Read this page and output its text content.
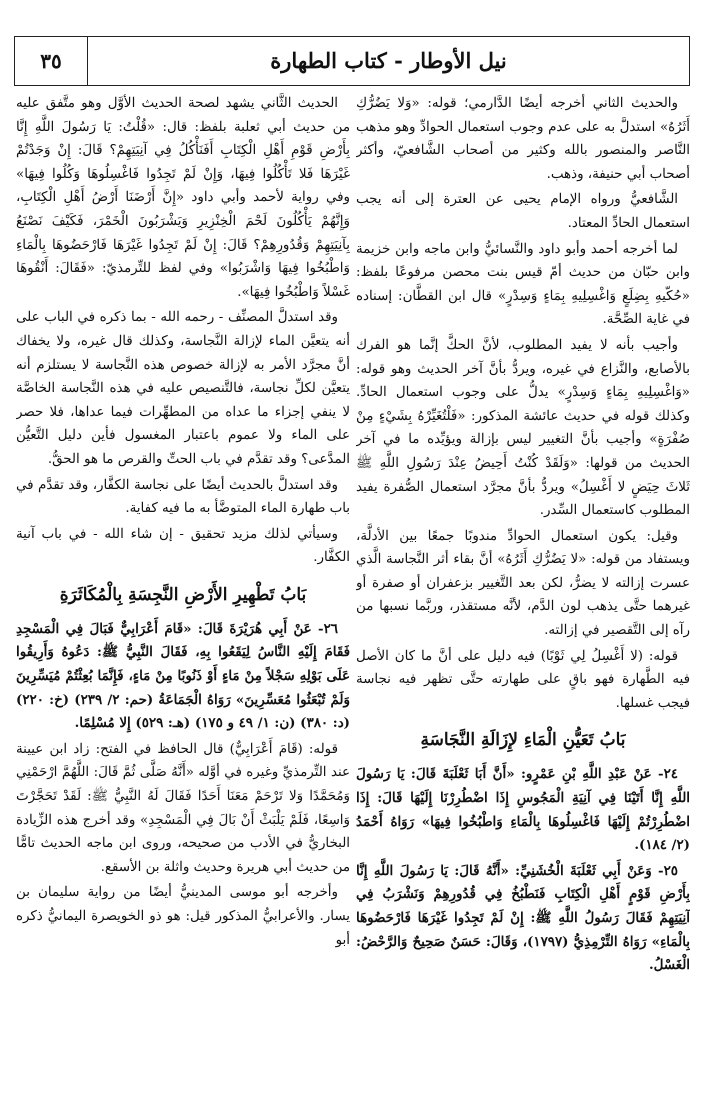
نيل الأوطار - كتاب الطهارة
٣٥

والحديث الثاني أخرجه أيضًا الدَّارمي؛ قوله: «وَلا يَضُرُّكِ أَثَرُهُ» استدلَّ به على عدم وجوب استعمال الحوادِّ وهو مذهب النَّاصر والمنصور بالله وكثير من أصحاب الشَّافعيّ، وأكثر أصحاب أبي حنيفة، وذهب.

الشَّافعيُّ ورواه الإمام يحيى عن العترة إلى أنه يجب استعمال الحادِّ المعتاد.

لما أخرجه أحمد وأبو داود والنَّسائيُّ وابن ماجه وابن خزيمة وابن حبّان من حديث أمّ قيس بنت محصن مرفوعًا بلفظ: «حُكّيهِ بِضِلَعٍ وَاغْسِلِيهِ بِمَاءٍ وَسِدْرٍ» قال ابن القطَّان: إسناده في غاية الصِّحَّة.

وأجيب بأنه لا يفيد المطلوب، لأنَّ الحكَّ إنَّما هو الفرك بالأصابع، والنَّزاع في غيره، ويردُّ بأنَّ آخر الحديث وهو قوله: «وَاغْسِلِيهِ بِمَاءٍ وَسِدْرٍ» يدلُّ على وجوب استعمال الحادِّ. وكذلك قوله في حديث عائشة المذكور: «فَلْتُغَيِّرْهُ بِشَيْءٍ مِنْ صُفْرَةٍ» وأجيب بأنَّ التغيير ليس بإزالة ويؤيِّده ما في آخر الحديث من قولها: «وَلَقَدْ كُنْتُ أَحِيضُ عِنْدَ رَسُولِ اللَّهِ ﷺ ثَلاثَ حِيَضٍ لا أَغْسِلُ» ويردُّ بأنَّ مجرَّد استعمال الصُّفرة يفيد المطلوب كاستعمال السِّدر.

وقيل: يكون استعمال الحوادِّ مندوبًا جمعًا بين الأدلَّة، ويستفاد من قوله: «لا يَضُرُّكِ أَثَرُهُ» أنَّ بقاء أثر النَّجاسة الَّذي عسرت إزالته لا يضرُّ، لكن بعد التَّغيير بزعفران أو صفرة أو غيرهما حتَّى يذهب لون الدَّم، لأنَّه مستقذر، وربَّما نسبها من رآه إلى التَّقصير في إزالته.

قوله: (لا أَغْسِلُ لِي ثَوْبًا) فيه دليل على أنَّ ما كان الأصل فيه الطَّهارة فهو باقٍ على طهارته حتَّى تظهر فيه نجاسة فيجب غسلها.

بَابُ تَعَيُّنِ الْمَاءِ لإِزَالَةِ النَّجَاسَةِ

٢٤- عَنْ عَبْدِ اللَّهِ بْنِ عَمْرٍو: «أَنَّ أَبَا ثَعْلَبَةَ قَالَ: يَا رَسُولَ اللَّهِ إِنَّا أَتَيْنَا فِي آنِيَةِ الْمَجُوسِ إِذَا اضْطُرِرْنَا إِلَيْهَا قَالَ: إِذَا اضْطُرِرْتُمْ إِلَيْهَا فَاغْسِلُوهَا بِالْمَاءِ وَاطْبُخُوا فِيهَا» رَوَاهُ أَحْمَدُ (٢/ ١٨٤).

٢٥- وَعَنْ أَبِي ثَعْلَبَةَ الْخُشَنِيِّ: «أَنَّهُ قَالَ: يَا رَسُولَ اللَّهِ إِنَّا بِأَرْضِ قَوْمٍ أَهْلِ الْكِتَابِ فَنَطْبُخُ فِي قُدُورِهِمْ وَنَشْرَبُ فِي آنِيَتِهِمْ فَقَالَ رَسُولُ اللَّهِ ﷺ: إِنْ لَمْ تَجِدُوا غَيْرَهَا فَارْحَضُوهَا بِالْمَاءِ» رَوَاهُ التِّرْمِذِيُّ (١٧٩٧)، وَقَالَ: حَسَنٌ صَحِيحٌ وَالرَّحْضُ: الْغَسْلُ.

الحديث الثَّاني يشهد لصحة الحديث الأوَّل وهو متَّفق عليه من حديث أبي ثعلبة بلفظ: قال: «قُلْتُ: يَا رَسُولَ اللَّهِ إِنَّا بِأَرْضِ قَوْمِ أَهْلِ الْكِتَابِ أَفَنَأْكُلُ فِي آنِيَتِهِمْ؟ قَالَ: إِنْ وَجَدْتُمْ غَيْرَهَا فَلا تَأْكُلُوا فِيهَا، وَإِنْ لَمْ تَجِدُوا فَاغْسِلُوهَا وَكُلُوا فِيهَا» وفي رواية لأحمد وأبي داود «إِنَّ أَرْضَنَا أَرْضُ أَهْلِ الْكِتَابِ، وَإِنَّهُمْ يَأْكُلُونَ لَحْمَ الْخِنْزِيرِ وَيَشْرَبُونَ الْخَمْرَ، فَكَيْفَ نَصْنَعُ بِآنِيَتِهِمْ وَقُدُورِهِمْ؟ قَالَ: إِنْ لَمْ تَجِدُوا غَيْرَهَا فَارْحَضُوهَا بِالْمَاءِ وَاطْبُخُوا فِيهَا وَاشْرَبُوا» وفي لفظ للتِّرمذيّ: «فَقَالَ: أَنْقُوهَا غَسْلاً وَاطْبُخُوا فِيهَا».

وقد استدلَّ المصنِّف - رحمه الله - بما ذكره في الباب على أنه يتعيَّن الماء لإزالة النَّجاسة، وكذلك قال غيره، ولا يخفاك أنَّ مجرَّد الأمر به لإزالة خصوص هذه النَّجاسة لا يستلزم أنه يتعيَّن لكلِّ نجاسة، فالتَّنصيص عليه في هذه النَّجاسة الخاصَّة لا ينفي إجزاء ما عداه من المطهِّرات فيما عداها، فلا حصر على الماء ولا عموم باعتبار المغسول فأين دليل التَّعيُّن المدَّعى؟ وقد تقدَّم في باب الحتِّ والقرص ما هو الحقُّ.

وقد استدلَّ بالحديث أيضًا على نجاسة الكفَّار، وقد تقدَّم في باب طهارة الماء المتوضَّأ به ما فيه كفاية.

وسيأتي لذلك مزيد تحقيق - إن شاء الله - في باب آنية الكفَّار.

بَابُ تَطْهِيرِ الأَرْضِ النَّجِسَةِ بِالْمُكَاثَرَةِ

٢٦- عَنْ أَبِي هُرَيْرَةَ قَالَ: «قَامَ أَعْرَابِيٌّ فَبَالَ فِي الْمَسْجِدِ فَقَامَ إِلَيْهِ النَّاسُ لِيَقَعُوا بِهِ، فَقَالَ النَّبِيُّ ﷺ: دَعُوهُ وَأَرِيقُوا عَلَى بَوْلِهِ سَجْلاً مِنْ مَاءٍ أَوْ ذَنُوبًا مِنْ مَاءٍ، فَإِنَّمَا بُعِثْتُمْ مُيَسِّرِينَ وَلَمْ تُبْعَثُوا مُعَسِّرِينَ» رَوَاهُ الْجَمَاعَةُ (حم: ٢/ ٢٣٩) (خ: ٢٢٠) (د: ٣٨٠) (ن: ١/ ٤٩ و ١٧٥) (هـ: ٥٢٩) إِلا مُسْلِمًا.

قوله: (قَامَ أَعْرَابِيٌّ) قال الحافظ في الفتح: زاد ابن عيينة عند التِّرمذيِّ وغيره في أوَّله «أَنَّهُ صَلَّى ثُمَّ قَالَ: اللَّهُمَّ ارْحَمْنِي وَمُحَمَّدًا وَلا تَرْحَمْ مَعَنَا أَحَدًا فَقَالَ لَهُ النَّبِيُّ ﷺ: لَقَدْ تَحَجَّرْتَ وَاسِعًا، فَلَمْ يَلْبَثْ أَنْ بَالَ فِي الْمَسْجِدِ» وقد أخرج هذه الزِّيادة البخاريُّ في الأدب من صحيحه، وروى ابن ماجه الحديث تامًّا من حديث أبي هريرة وحديث واثلة بن الأسقع.

وأخرجه أبو موسى المدينيُّ أيضًا من رواية سليمان بن يسار. والأعرابيُّ المذكور قيل: هو ذو الخويصرة اليمانيُّ ذكره أبو
